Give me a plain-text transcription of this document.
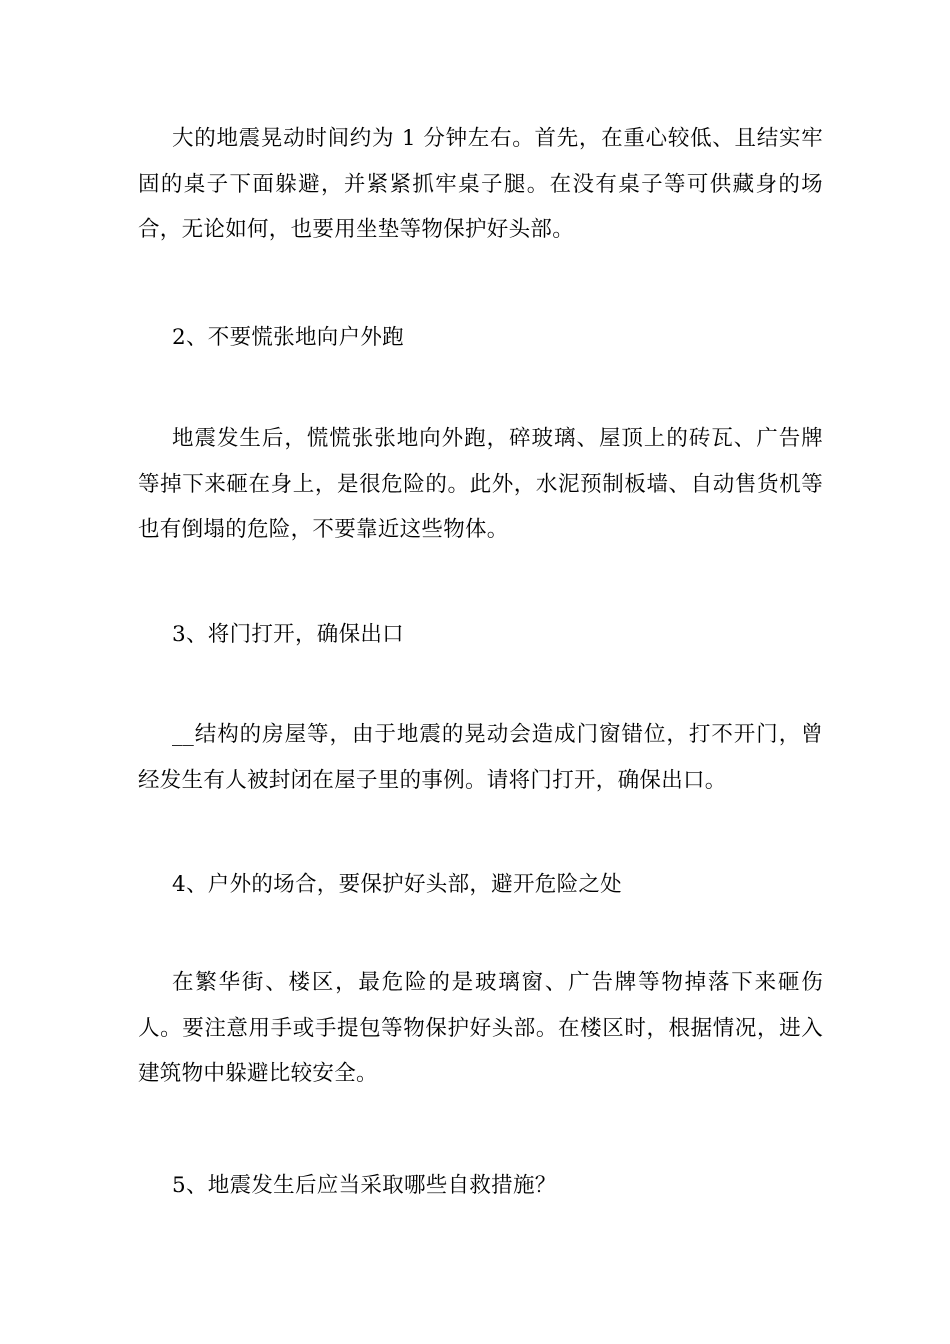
大的地震晃动时间约为 1 分钟左右。首先，在重心较低、且结实牢固的桌子下面躲避，并紧紧抓牢桌子腿。在没有桌子等可供藏身的场合，无论如何，也要用坐垫等物保护好头部。

2、不要慌张地向户外跑

地震发生后，慌慌张张地向外跑，碎玻璃、屋顶上的砖瓦、广告牌等掉下来砸在身上，是很危险的。此外，水泥预制板墙、自动售货机等也有倒塌的危险，不要靠近这些物体。

3、将门打开，确保出口

__结构的房屋等，由于地震的晃动会造成门窗错位，打不开门，曾经发生有人被封闭在屋子里的事例。请将门打开，确保出口。

4、户外的场合，要保护好头部，避开危险之处

在繁华街、楼区，最危险的是玻璃窗、广告牌等物掉落下来砸伤人。要注意用手或手提包等物保护好头部。在楼区时，根据情况，进入建筑物中躲避比较安全。

5、地震发生后应当采取哪些自救措施？
